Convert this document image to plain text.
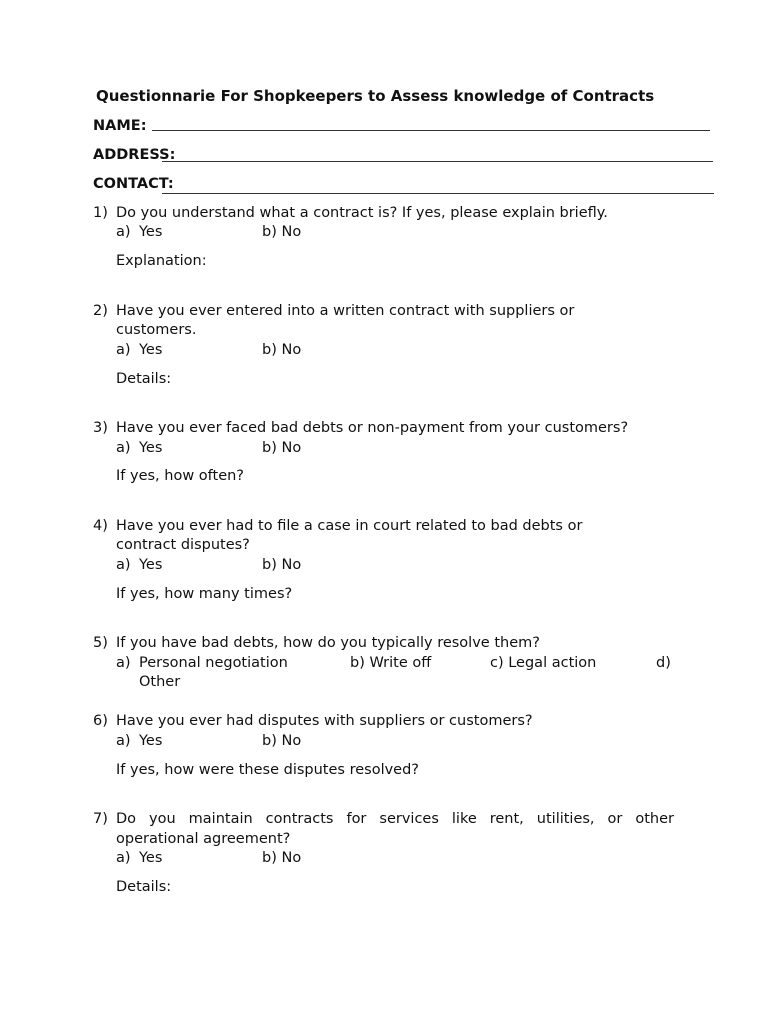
Questionnarie For Shopkeepers to Assess knowledge of Contracts
NAME:
ADDRESS:
CONTACT:
1) Do you understand what a contract is? If yes, please explain briefly.
a) Yes	b) No
Explanation:
2) Have you ever entered into a written contract with suppliers or
customers.
a) Yes	b) No
Details:
3) Have you ever faced bad debts or non-payment from your customers?
a) Yes	b) No
If yes, how often?
4) Have you ever had to file a case in court related to bad debts or
contract disputes?
a) Yes	b) No
If yes, how many times?
5) If you have bad debts, how do you typically resolve them?
a) Personal negotiation	b) Write off	c) Legal action	d)
Other
6) Have you ever had disputes with suppliers or customers?
a) Yes	b) No
If yes, how were these disputes resolved?
7) Do you maintain contracts for services like rent, utilities, or other
operational agreement?
a) Yes	b) No
Details:
